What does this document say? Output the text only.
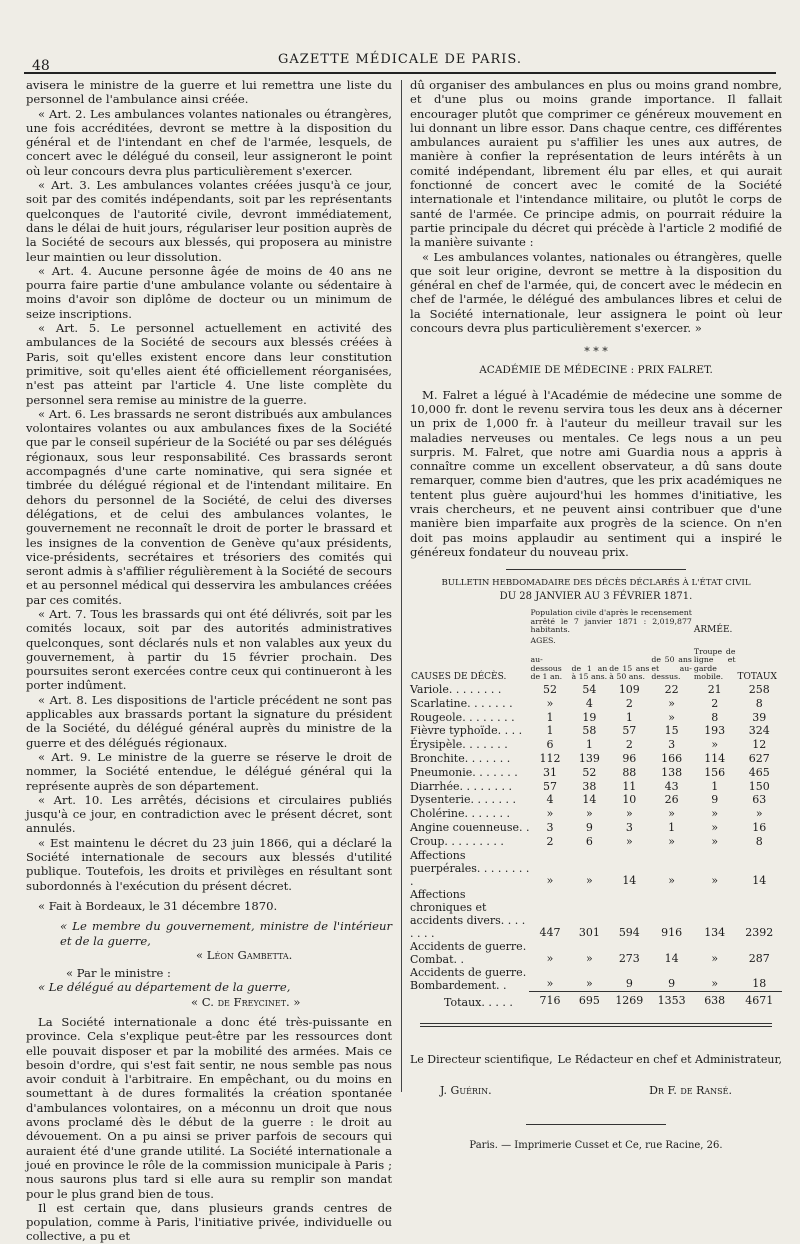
48	GAZETTE MÉDICALE DE PARIS.

avisera le ministre de la guerre et lui remettra une liste du personnel de l'ambulance ainsi créée.

« Art. 2. Les ambulances volantes nationales ou étrangères, une fois accréditées, devront se mettre à la disposition du général et de l'intendant en chef de l'armée, lesquels, de concert avec le délégué du conseil, leur assigneront le point où leur concours devra plus particulièrement s'exercer.

« Art. 3. Les ambulances volantes créées jusqu'à ce jour, soit par des comités indépendants, soit par les représentants quelconques de l'autorité civile, devront immédiatement, dans le délai de huit jours, régulariser leur position auprès de la Société de secours aux blessés, qui proposera au ministre leur maintien ou leur dissolution.

« Art. 4. Aucune personne âgée de moins de 40 ans ne pourra faire partie d'une ambulance volante ou sédentaire à moins d'avoir son diplôme de docteur ou un minimum de seize inscriptions.

« Art. 5. Le personnel actuellement en activité des ambulances de la Société de secours aux blessés créées à Paris, soit qu'elles existent encore dans leur constitution primitive, soit qu'elles aient été officiellement réorganisées, n'est pas atteint par l'article 4. Une liste complète du personnel sera remise au ministre de la guerre.

« Art. 6. Les brassards ne seront distribués aux ambulances volontaires volantes ou aux ambulances fixes de la Société que par le conseil supérieur de la Société ou par ses délégués régionaux, sous leur responsabilité. Ces brassards seront accompagnés d'une carte nominative, qui sera signée et timbrée du délégué régional et de l'intendant militaire. En dehors du personnel de la Société, de celui des diverses délégations, et de celui des ambulances volantes, le gouvernement ne reconnaît le droit de porter le brassard et les insignes de la convention de Genève qu'aux présidents, vice-présidents, secrétaires et trésoriers des comités qui seront admis à s'affilier régulièrement à la Société de secours et au personnel médical qui desservira les ambulances créées par ces comités.

« Art. 7. Tous les brassards qui ont été délivrés, soit par les comités locaux, soit par des autorités administratives quelconques, sont déclarés nuls et non valables aux yeux du gouvernement, à partir du 15 février prochain. Des poursuites seront exercées contre ceux qui continueront à les porter indûment.

« Art. 8. Les dispositions de l'article précédent ne sont pas applicables aux brassards portant la signature du président de la Société, du délégué général auprès du ministre de la guerre et des délégués régionaux.

« Art. 9. Le ministre de la guerre se réserve le droit de nommer, la Société entendue, le délégué général qui la représente auprès de son département.

« Art. 10. Les arrêtés, décisions et circulaires publiés jusqu'à ce jour, en contradiction avec le présent décret, sont annulés.

« Est maintenu le décret du 23 juin 1866, qui a déclaré la Société internationale de secours aux blessés d'utilité publique. Toutefois, les droits et privilèges en résultant sont subordonnés à l'exécution du présent décret.

« Fait à Bordeaux, le 31 décembre 1870.

« Le membre du gouvernement, ministre de l'intérieur et de la guerre,

« Léon Gambetta.

« Par le ministre :

« Le délégué au département de la guerre,

« C. de Freycinet. »

La Société internationale a donc été très-puissante en province. Cela s'explique peut-être par les ressources dont elle pouvait disposer et par la mobilité des armées. Mais ce besoin d'ordre, qui s'est fait sentir, ne nous semble pas nous avoir conduit à l'arbitraire. En empêchant, ou du moins en soumettant à de dures formalités la création spontanée d'ambulances volontaires, on a méconnu un droit que nous avons proclamé dès le début de la guerre : le droit au dévouement. On a pu ainsi se priver parfois de secours qui auraient été d'une grande utilité. La Société internationale a joué en province le rôle de la commission municipale à Paris ; nous saurons plus tard si elle aura su remplir son mandat pour le plus grand bien de tous.

Il est certain que, dans plusieurs grands centres de population, comme à Paris, l'initiative privée, individuelle ou collective, a pu et

dû organiser des ambulances en plus ou moins grand nombre, et d'une plus ou moins grande importance. Il fallait encourager plutôt que comprimer ce généreux mouvement en lui donnant un libre essor. Dans chaque centre, ces différentes ambulances auraient pu s'affilier les unes aux autres, de manière à confier la représentation de leurs intérêts à un comité indépendant, librement élu par elles, et qui aurait fonctionné de concert avec le comité de la Société internationale et l'intendance militaire, ou plutôt le corps de santé de l'armée. Ce principe admis, on pourrait réduire la partie principale du décret qui précède à l'article 2 modifié de la manière suivante :

« Les ambulances volantes, nationales ou étrangères, quelle que soit leur origine, devront se mettre à la disposition du général en chef de l'armée, qui, de concert avec le médecin en chef de l'armée, le délégué des ambulances libres et celui de la Société internationale, leur assignera le point où leur concours devra plus particulièrement s'exercer. »

* * *
ACADÉMIE DE MÉDECINE : PRIX FALRET.

M. Falret a légué à l'Académie de médecine une somme de 10,000 fr. dont le revenu servira tous les deux ans à décerner un prix de 1,000 fr. à l'auteur du meilleur travail sur les maladies nerveuses ou mentales. Ce legs nous a un peu surpris. M. Falret, que notre ami Guardia nous a appris à connaître comme un excellent observateur, a dû sans doute remarquer, comme bien d'autres, que les prix académiques ne tentent plus guère aujourd'hui les hommes d'initiative, les vrais chercheurs, et ne peuvent ainsi contribuer que d'une manière bien imparfaite aux progrès de la science. On n'en doit pas moins applaudir au sentiment qui a inspiré le généreux fondateur du nouveau prix.

BULLETIN HEBDOMADAIRE DES DÉCÈS DÉCLARÉS À L'ÉTAT CIVIL
DU 28 JANVIER AU 3 FÉVRIER 1871.
CAUSES DE DÉCÈS.	Population civile d'après le recensement arrêté le 7 janvier 1871 : 2,019,877 habitants.				ARMÉE.	TOTAUX
	AGES.					
	au-dessous de 1 an.	de 1 an à 15 ans.	de 15 ans à 50 ans.	de 50 ans et au-dessus.	Troupe de ligne et garde mobile.	
Variole. . . . . . . .	52	54	109	22	21	258
Scarlatine. . . . . . .	»	4	2	»	2	8
Rougeole. . . . . . . .	1	19	1	»	8	39
Fièvre typhoïde. . . .	1	58	57	15	193	324
Érysipèle. . . . . . .	6	1	2	3	»	12
Bronchite. . . . . . .	112	139	96	166	114	627
Pneumonie. . . . . . .	31	52	88	138	156	465
Diarrhée. . . . . . . .	57	38	11	43	1	150
Dysenterie. . . . . . .	4	14	10	26	9	63
Cholérine. . . . . . .	»	»	»	»	»	»
Angine couenneuse. .	3	9	3	1	»	16
Croup. . . . . . . . .	2	6	»	»	»	8
Affections puerpérales. . . . . . . . .	»	»	14	»	»	14
Affections chroniques et accidents divers. . . . . . . .	447	301	594	916	134	2392
Accidents de guerre. Combat. .	»	»	273	14	»	287
Accidents de guerre. Bombardement. .	»	»	9	9	»	18
Totaux. . . . .	716	695	1269	1353	638	4671
Le Directeur scientifique, Le Rédacteur en chef et Administrateur,
J. Guérin.	Dr F. de Ransé.
Paris. — Imprimerie Cusset et Ce, rue Racine, 26.
